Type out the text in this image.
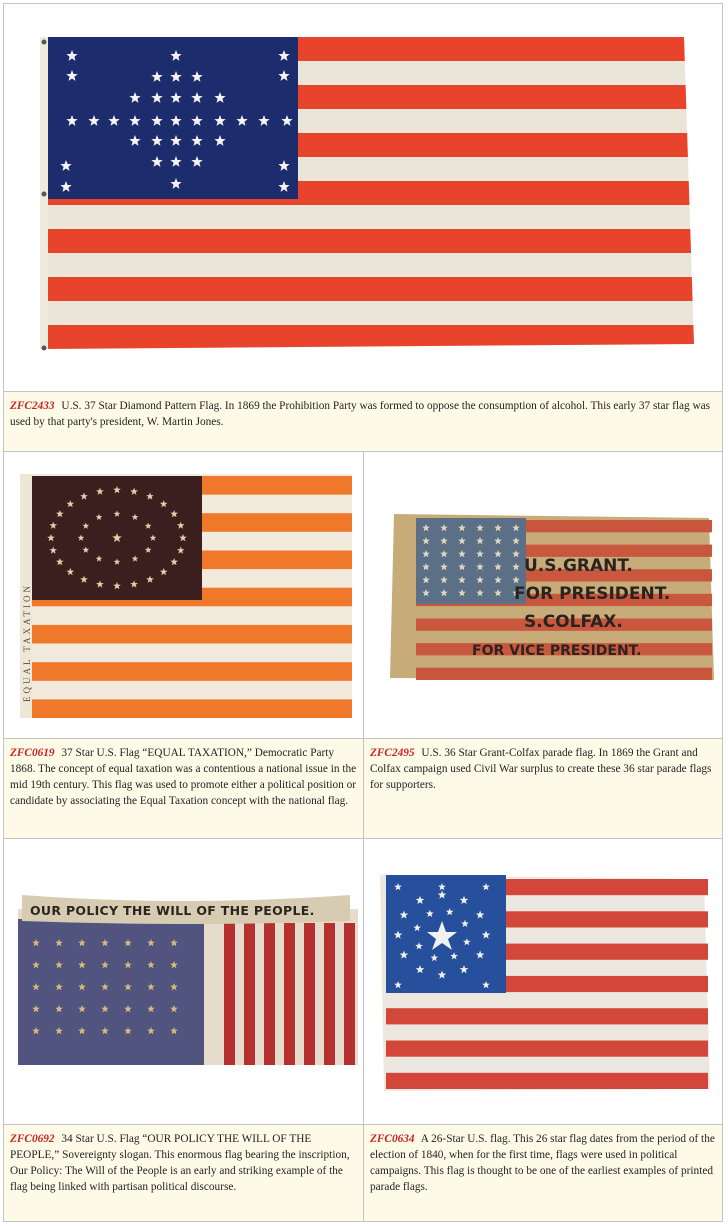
ZFC2433 U.S. 37 Star Diamond Pattern Flag. In 1869 the Prohibition Party was formed to oppose the consumption of alcohol. This early 37 star flag was used by that party's president, W. Martin Jones.
EQUAL TAXATION
U.S.GRANT.
FOR PRESIDENT.
S.COLFAX.
FOR VICE PRESIDENT.
ZFC0619 37 Star U.S. Flag “EQUAL TAXATION,” Democratic Party 1868. The concept of equal taxation was a contentious a national issue in the mid 19th century. This flag was used to promote either a political position or candidate by associating the Equal Taxation concept with the national flag.
ZFC2495 U.S. 36 Star Grant-Colfax parade flag. In 1869 the Grant and Colfax campaign used Civil War surplus to create these 36 star parade flags for supporters.
OUR POLICY THE WILL OF THE PEOPLE.
ZFC0692 34 Star U.S. Flag “OUR POLICY THE WILL OF THE PEOPLE,” Sovereignty slogan. This enormous flag bearing the inscription, Our Policy: The Will of the People is an early and striking example of the flag being linked with partisan political discourse.
ZFC0634 A 26-Star U.S. flag. This 26 star flag dates from the period of the election of 1840, when for the first time, flags were used in political campaigns. This flag is thought to be one of the earliest examples of printed parade flags.
